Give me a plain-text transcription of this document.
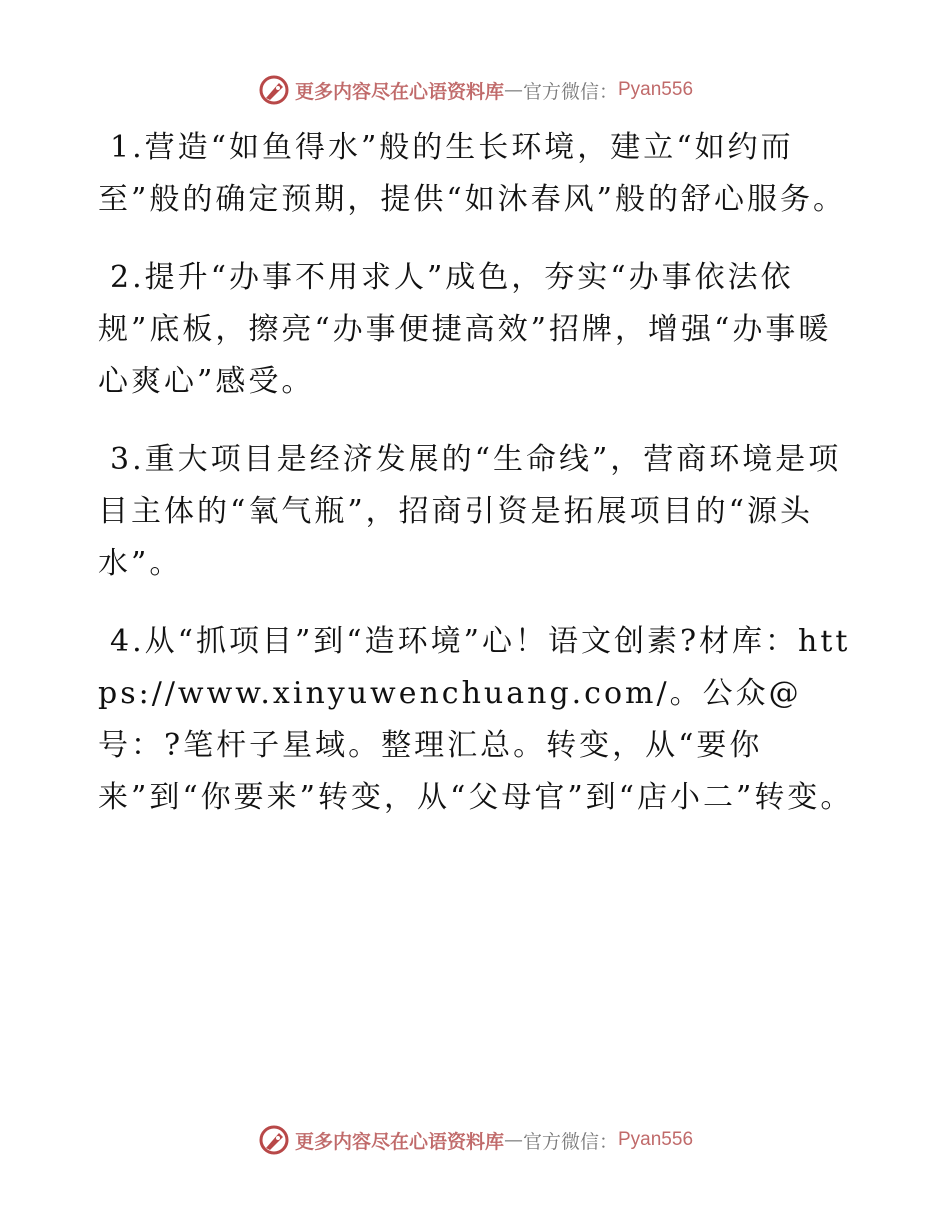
更多内容尽在心语资料库 — 官方微信： Pyan556

1.营造“如鱼得水”般的生长环境，建立“如约而至”般的确定预期，提供“如沐春风”般的舒心服务。

2.提升“办事不用求人”成色，夯实“办事依法依规”底板，擦亮“办事便捷高效”招牌，增强“办事暖心爽心”感受。

3.重大项目是经济发展的“生命线”，营商环境是项目主体的“氧气瓶”，招商引资是拓展项目的“源头水”。

4.从“抓项目”到“造环境”心！语文创素?材库：https://www.xinyuwenchuang.com/。公众@号：?笔杆子星域。整理汇总。转变，从“要你来”到“你要来”转变，从“父母官”到“店小二”转变。

更多内容尽在心语资料库 — 官方微信： Pyan556
